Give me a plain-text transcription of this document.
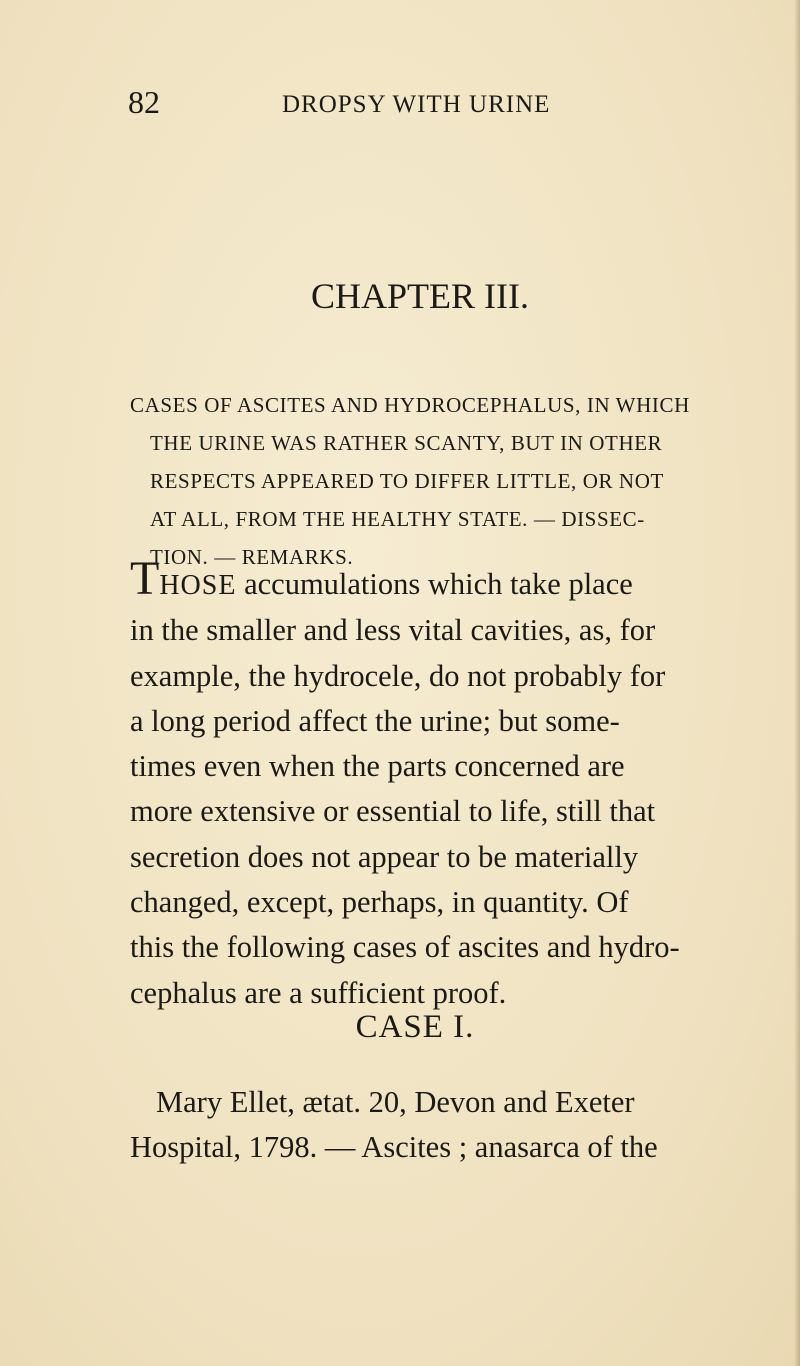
82	DROPSY WITH URINE
CHAPTER III.
CASES OF ASCITES AND HYDROCEPHALUS, IN WHICH
THE URINE WAS RATHER SCANTY, BUT IN OTHER
RESPECTS APPEARED TO DIFFER LITTLE, OR NOT
AT ALL, FROM THE HEALTHY STATE. — DISSEC-
TION. — REMARKS.
THOSE accumulations which take place
in the smaller and less vital cavities, as, for
example, the hydrocele, do not probably for
a long period affect the urine; but some-
times even when the parts concerned are
more extensive or essential to life, still that
secretion does not appear to be materially
changed, except, perhaps, in quantity. Of
this the following cases of ascites and hydro-
cephalus are a sufficient proof.
CASE I.
Mary Ellet, ætat. 20, Devon and Exeter
Hospital, 1798. — Ascites ; anasarca of the
